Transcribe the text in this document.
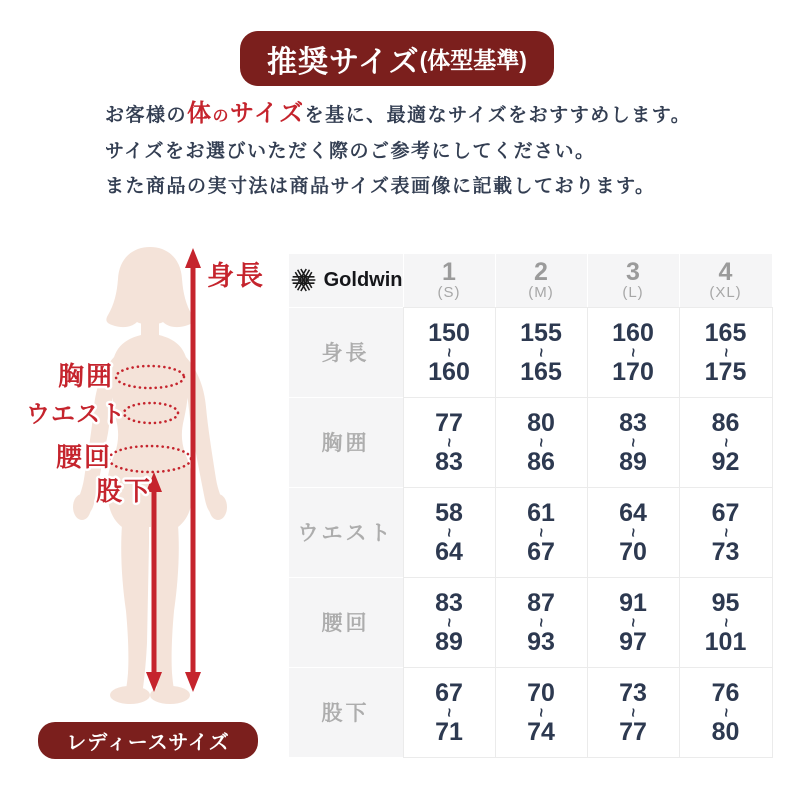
推奨サイズ (体型基準)
お客様の体のサイズを基に、最適なサイズをおすすめします。
サイズをお選びいただく際のご参考にしてください。
また商品の実寸法は商品サイズ表画像に記載しております。
身長
胸囲
ウエスト
腰回
股下
レディースサイズ
Goldwin 1
(S)
2
(M)
3
(L)
4
(XL)
身長
150
~
160
155
~
165
160
~
170
165
~
175
胸囲
77
~
83
80
~
86
83
~
89
86
~
92
ウエスト
58
~
64
61
~
67
64
~
70
67
~
73
腰回
83
~
89
87
~
93
91
~
97
95
~
101
股下
67
~
71
70
~
74
73
~
77
76
~
80
